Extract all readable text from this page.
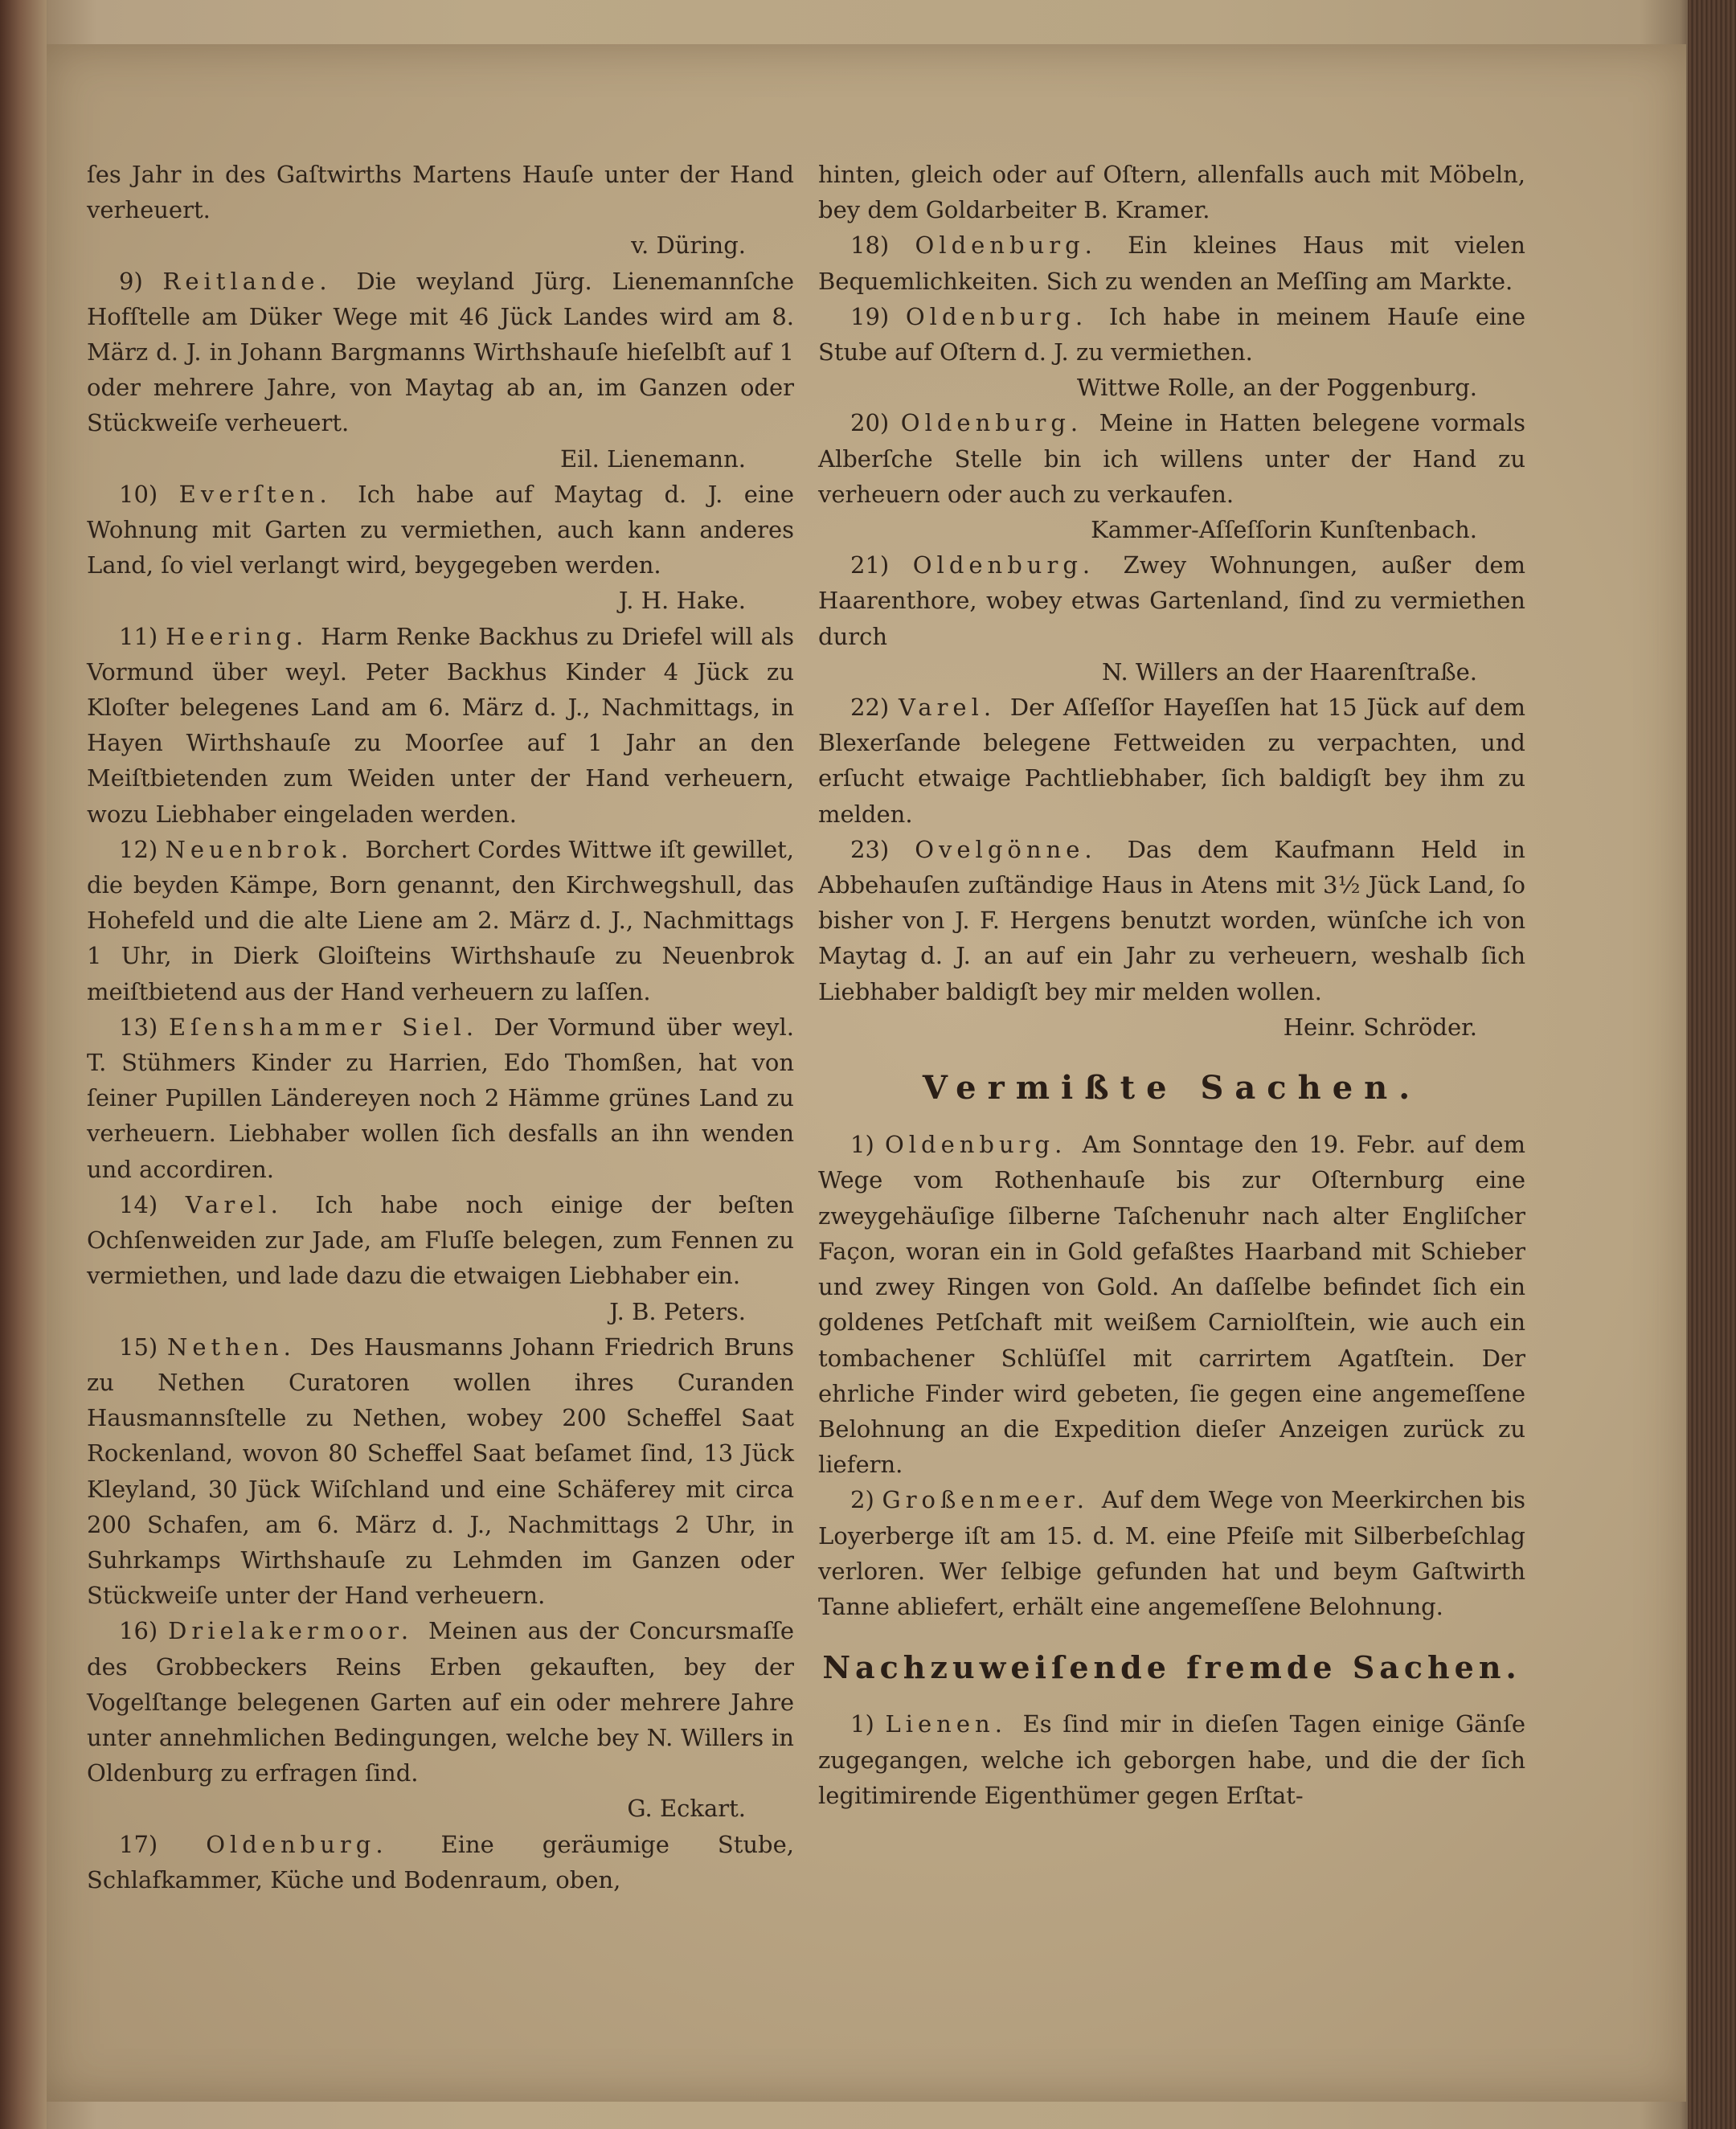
ſes Jahr in des Gaſtwirths Martens Hauſe unter der Hand verheuert.

v. Düring.

9) Reitlande. Die weyland Jürg. Lienemannſche Hofſtelle am Düker Wege mit 46 Jück Landes wird am 8. März d. J. in Johann Bargmanns Wirthshauſe hieſelbſt auf 1 oder mehrere Jahre, von Maytag ab an, im Ganzen oder Stückweiſe verheuert.

Eil. Lienemann.

10) Everſten. Ich habe auf Maytag d. J. eine Wohnung mit Garten zu vermiethen, auch kann anderes Land, ſo viel verlangt wird, beygegeben werden.

J. H. Hake.

11) Heering. Harm Renke Backhus zu Driefel will als Vormund über weyl. Peter Backhus Kinder 4 Jück zu Kloſter belegenes Land am 6. März d. J., Nachmittags, in Hayen Wirthshauſe zu Moorſee auf 1 Jahr an den Meiſtbietenden zum Weiden unter der Hand verheuern, wozu Liebhaber eingeladen werden.

12) Neuenbrok. Borchert Cordes Wittwe iſt gewillet, die beyden Kämpe, Born genannt, den Kirchwegshull, das Hohefeld und die alte Liene am 2. März d. J., Nachmittags 1 Uhr, in Dierk Gloiſteins Wirthshauſe zu Neuenbrok meiſtbietend aus der Hand verheuern zu laſſen.

13) Eſenshammer Siel. Der Vormund über weyl. T. Stühmers Kinder zu Harrien, Edo Thomßen, hat von ſeiner Pupillen Ländereyen noch 2 Hämme grünes Land zu verheuern. Liebhaber wollen ſich desfalls an ihn wenden und accordiren.

14) Varel. Ich habe noch einige der beſten Ochſenweiden zur Jade, am Fluſſe belegen, zum Fennen zu vermiethen, und lade dazu die etwaigen Liebhaber ein.

J. B. Peters.

15) Nethen. Des Hausmanns Johann Friedrich Bruns zu Nethen Curatoren wollen ihres Curanden Hausmannsſtelle zu Nethen, wobey 200 Scheffel Saat Rockenland, wovon 80 Scheffel Saat beſamet ſind, 13 Jück Kleyland, 30 Jück Wiſchland und eine Schäferey mit circa 200 Schafen, am 6. März d. J., Nachmittags 2 Uhr, in Suhrkamps Wirthshauſe zu Lehmden im Ganzen oder Stückweiſe unter der Hand verheuern.

16) Drielakermoor. Meinen aus der Concursmaſſe des Grobbeckers Reins Erben gekauften, bey der Vogelſtange belegenen Garten auf ein oder mehrere Jahre unter annehmlichen Bedingungen, welche bey N. Willers in Oldenburg zu erfragen ſind.

G. Eckart.

17) Oldenburg. Eine geräumige Stube, Schlafkammer, Küche und Bodenraum, oben,

hinten, gleich oder auf Oſtern, allenfalls auch mit Möbeln, bey dem Goldarbeiter B. Kramer.

18) Oldenburg. Ein kleines Haus mit vielen Bequemlichkeiten. Sich zu wenden an Meſſing am Markte.

19) Oldenburg. Ich habe in meinem Hauſe eine Stube auf Oſtern d. J. zu vermiethen.

Wittwe Rolle, an der Poggenburg.

20) Oldenburg. Meine in Hatten belegene vormals Alberſche Stelle bin ich willens unter der Hand zu verheuern oder auch zu verkaufen.

Kammer-Aſſeſſorin Kunſtenbach.

21) Oldenburg. Zwey Wohnungen, außer dem Haarenthore, wobey etwas Gartenland, ſind zu vermiethen durch

N. Willers an der Haarenſtraße.

22) Varel. Der Aſſeſſor Hayeſſen hat 15 Jück auf dem Blexerſande belegene Fettweiden zu verpachten, und erſucht etwaige Pachtliebhaber, ſich baldigſt bey ihm zu melden.

23) Ovelgönne. Das dem Kaufmann Held in Abbehauſen zuſtändige Haus in Atens mit 3½ Jück Land, ſo bisher von J. F. Hergens benutzt worden, wünſche ich von Maytag d. J. an auf ein Jahr zu verheuern, weshalb ſich Liebhaber baldigſt bey mir melden wollen.

Heinr. Schröder.

Vermißte Sachen.

1) Oldenburg. Am Sonntage den 19. Febr. auf dem Wege vom Rothenhauſe bis zur Oſternburg eine zweygehäuſige ſilberne Taſchenuhr nach alter Engliſcher Façon, woran ein in Gold gefaßtes Haarband mit Schieber und zwey Ringen von Gold. An daſſelbe befindet ſich ein goldenes Petſchaft mit weißem Carniolſtein, wie auch ein tombachener Schlüſſel mit carrirtem Agatſtein. Der ehrliche Finder wird gebeten, ſie gegen eine angemeſſene Belohnung an die Expedition dieſer Anzeigen zurück zu liefern.

2) Großenmeer. Auf dem Wege von Meerkirchen bis Loyerberge iſt am 15. d. M. eine Pfeiſe mit Silberbeſchlag verloren. Wer ſelbige gefunden hat und beym Gaſtwirth Tanne abliefert, erhält eine angemeſſene Belohnung.

Nachzuweiſende fremde Sachen.

1) Lienen. Es ſind mir in dieſen Tagen einige Gänſe zugegangen, welche ich geborgen habe, und die der ſich legitimirende Eigenthümer gegen Erſtat-
